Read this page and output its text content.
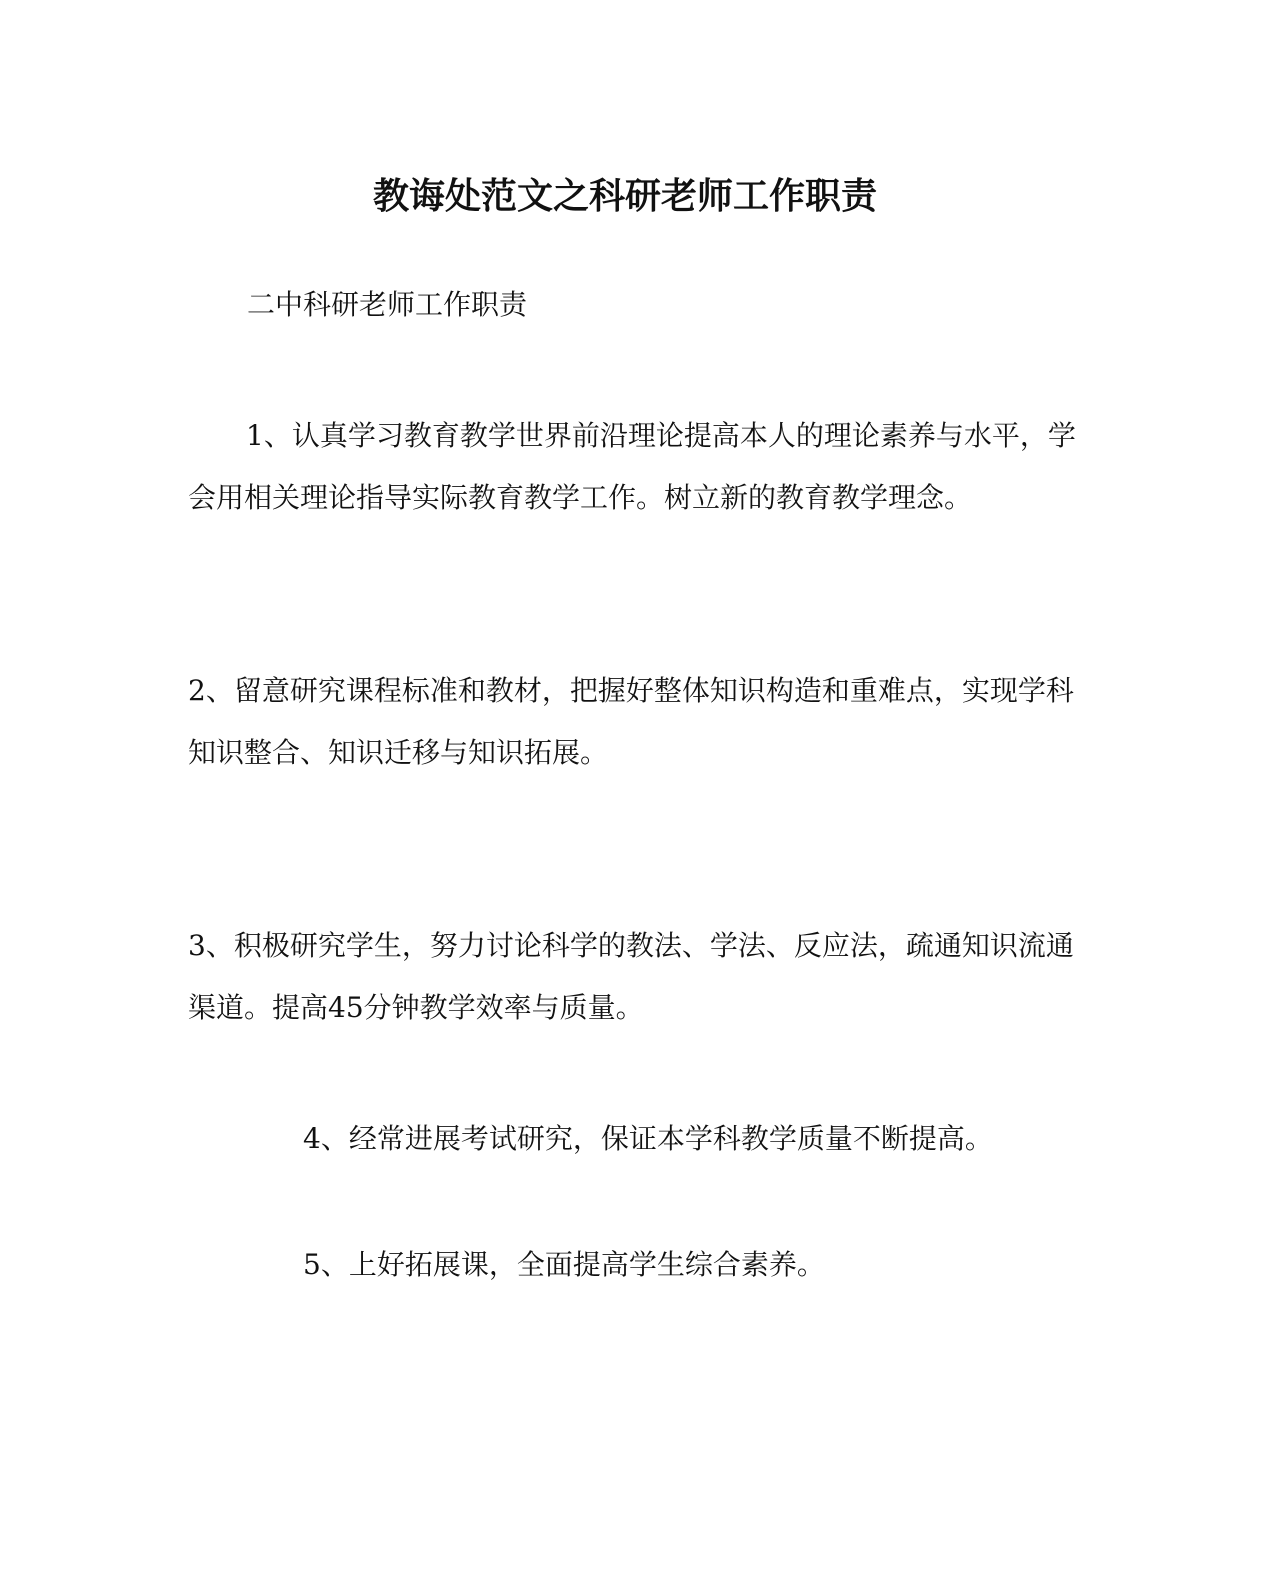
教诲处范文之科研老师工作职责

二中科研老师工作职责

1、认真学习教育教学世界前沿理论提高本人的理论素养与水平，学会用相关理论指导实际教育教学工作。树立新的教育教学理念。

2、留意研究课程标准和教材，把握好整体知识构造和重难点，实现学科知识整合、知识迁移与知识拓展。

3、积极研究学生，努力讨论科学的教法、学法、反应法，疏通知识流通渠道。提高45分钟教学效率与质量。

4、经常进展考试研究，保证本学科教学质量不断提高。

5、上好拓展课，全面提高学生综合素养。
